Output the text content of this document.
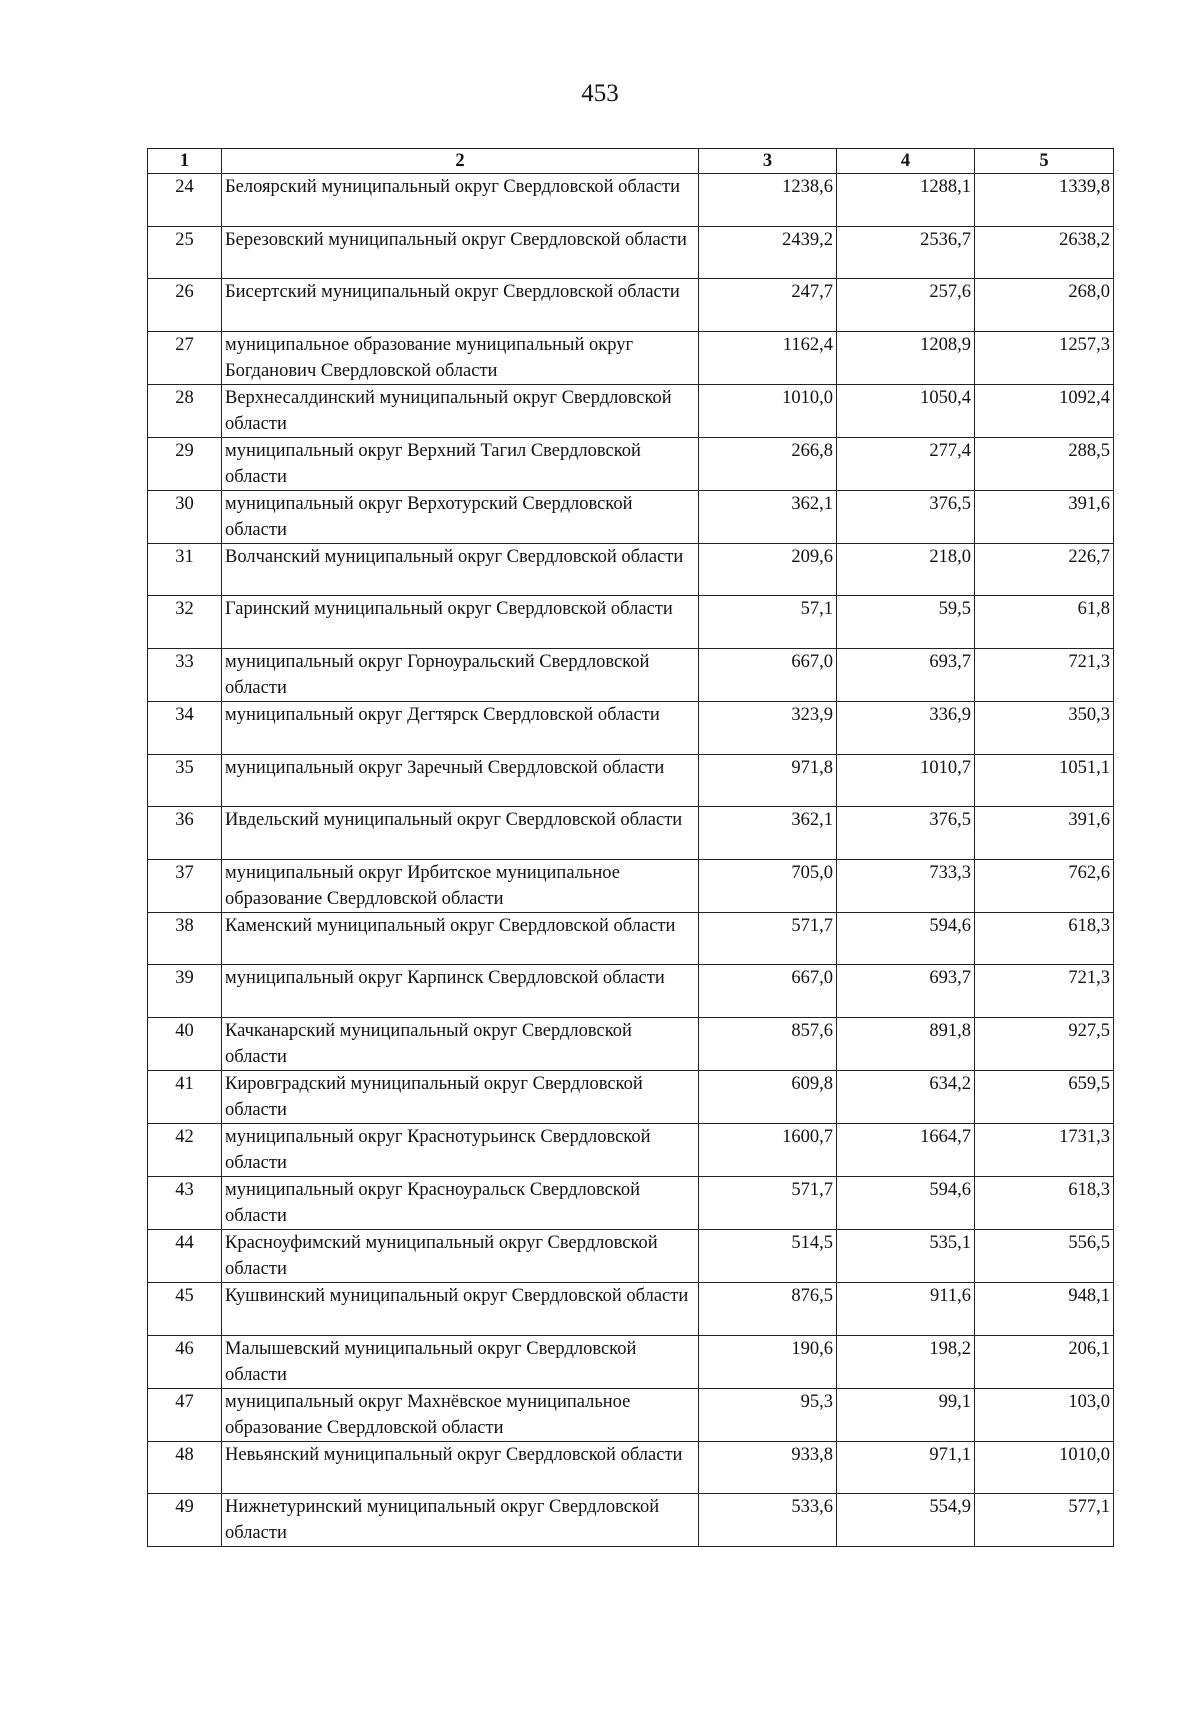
453
1	2	3	4	5
24	Белоярский муниципальный округ Свердловской области	1238,6	1288,1	1339,8
25	Березовский муниципальный округ Свердловской области	2439,2	2536,7	2638,2
26	Бисертский муниципальный округ Свердловской области	247,7	257,6	268,0
27	муниципальное образование муниципальный округ Богданович Свердловской области	1162,4	1208,9	1257,3
28	Верхнесалдинский муниципальный округ Свердловской области	1010,0	1050,4	1092,4
29	муниципальный округ Верхний Тагил Свердловской области	266,8	277,4	288,5
30	муниципальный округ Верхотурский Свердловской области	362,1	376,5	391,6
31	Волчанский муниципальный округ Свердловской области	209,6	218,0	226,7
32	Гаринский муниципальный округ Свердловской области	57,1	59,5	61,8
33	муниципальный округ Горноуральский Свердловской области	667,0	693,7	721,3
34	муниципальный округ Дегтярск Свердловской области	323,9	336,9	350,3
35	муниципальный округ Заречный Свердловской области	971,8	1010,7	1051,1
36	Ивдельский муниципальный округ Свердловской области	362,1	376,5	391,6
37	муниципальный округ Ирбитское муниципальное образование Свердловской области	705,0	733,3	762,6
38	Каменский муниципальный округ Свердловской области	571,7	594,6	618,3
39	муниципальный округ Карпинск Свердловской области	667,0	693,7	721,3
40	Качканарский муниципальный округ Свердловской области	857,6	891,8	927,5
41	Кировградский муниципальный округ Свердловской области	609,8	634,2	659,5
42	муниципальный округ Краснотурьинск Свердловской области	1600,7	1664,7	1731,3
43	муниципальный округ Красноуральск Свердловской области	571,7	594,6	618,3
44	Красноуфимский муниципальный округ Свердловской области	514,5	535,1	556,5
45	Кушвинский муниципальный округ Свердловской области	876,5	911,6	948,1
46	Малышевский муниципальный округ Свердловской области	190,6	198,2	206,1
47	муниципальный округ Махнёвское муниципальное образование Свердловской области	95,3	99,1	103,0
48	Невьянский муниципальный округ Свердловской области	933,8	971,1	1010,0
49	Нижнетуринский муниципальный округ Свердловской области	533,6	554,9	577,1
